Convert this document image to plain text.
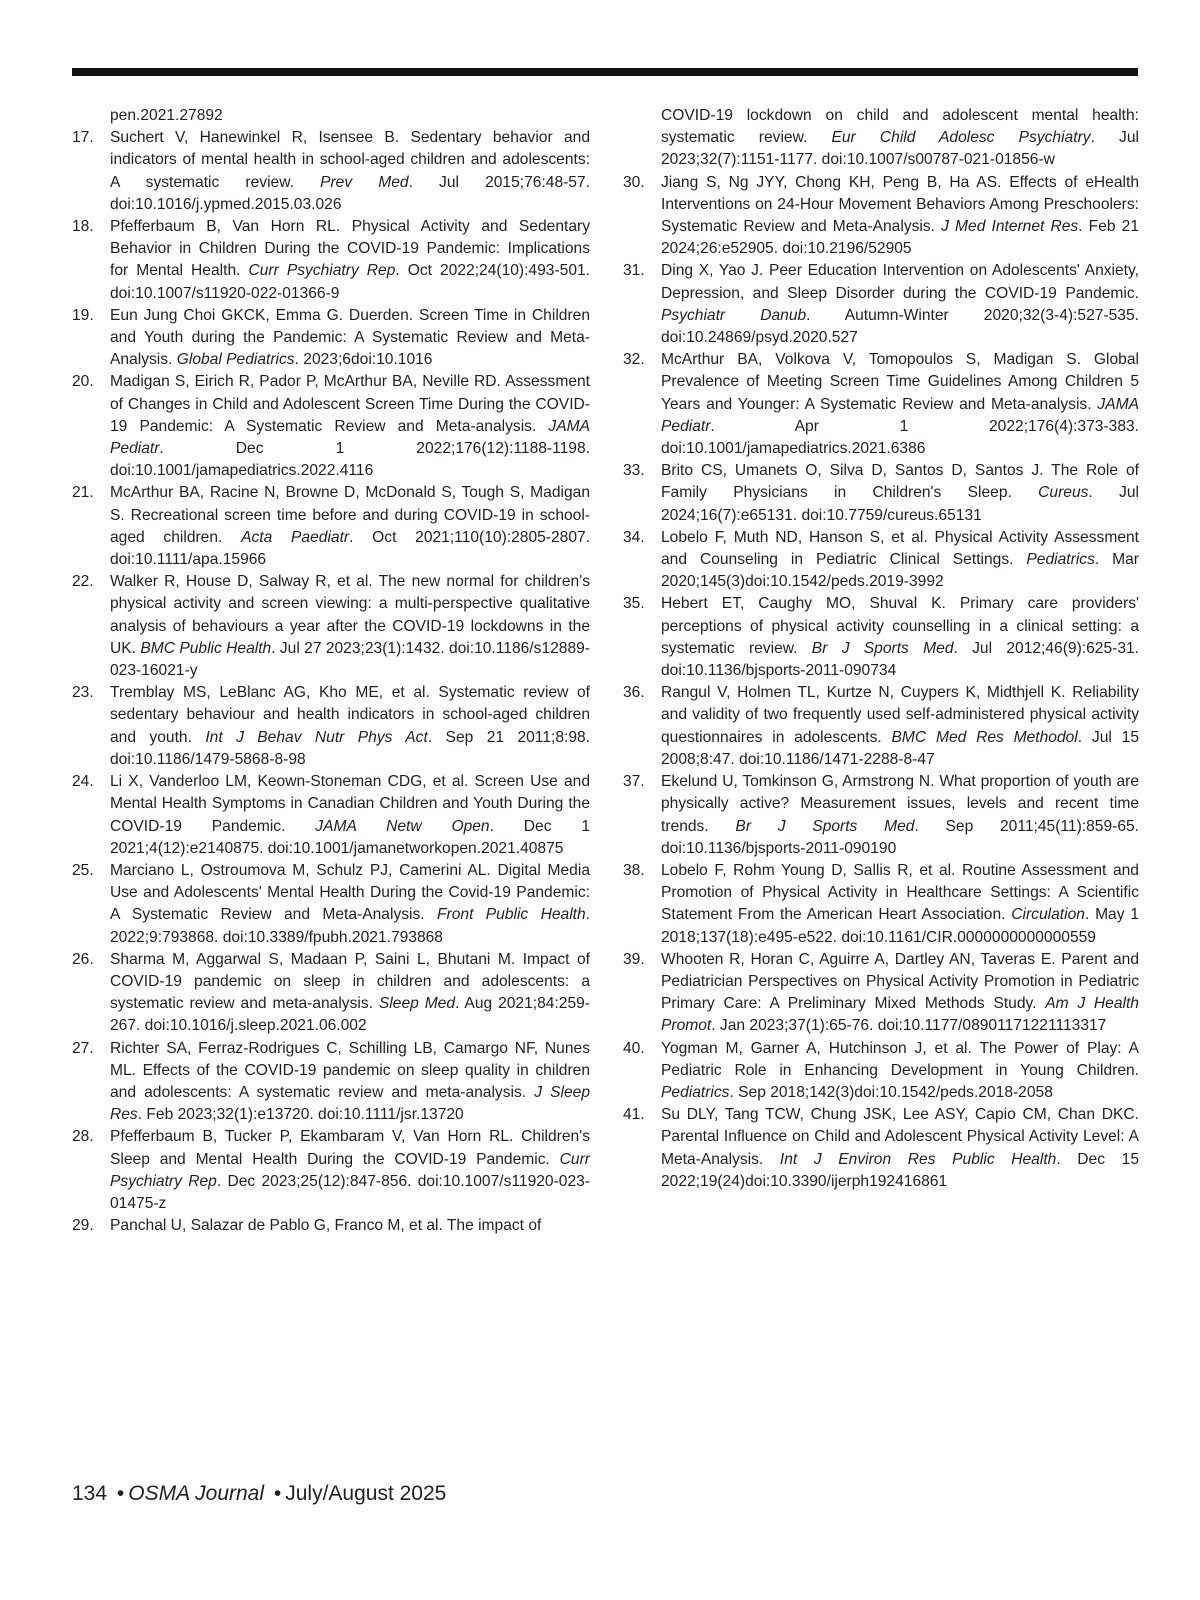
pen.2021.27892
17.	Suchert V, Hanewinkel R, Isensee B. Sedentary behavior and indicators of mental health in school-aged children and adolescents: A systematic review. Prev Med. Jul 2015;76:48-57. doi:10.1016/j.ypmed.2015.03.026
18.	Pfefferbaum B, Van Horn RL. Physical Activity and Sedentary Behavior in Children During the COVID-19 Pandemic: Implications for Mental Health. Curr Psychiatry Rep. Oct 2022;24(10):493-501. doi:10.1007/s11920-022-01366-9
19.	Eun Jung Choi GKCK, Emma G. Duerden. Screen Time in Children and Youth during the Pandemic: A Systematic Review and Meta-Analysis. Global Pediatrics. 2023;6doi:10.1016
20.	Madigan S, Eirich R, Pador P, McArthur BA, Neville RD. Assessment of Changes in Child and Adolescent Screen Time During the COVID-19 Pandemic: A Systematic Review and Meta-analysis. JAMA Pediatr. Dec 1 2022;176(12):1188-1198. doi:10.1001/jamapediatrics.2022.4116
21.	McArthur BA, Racine N, Browne D, McDonald S, Tough S, Madigan S. Recreational screen time before and during COVID-19 in school-aged children. Acta Paediatr. Oct 2021;110(10):2805-2807. doi:10.1111/apa.15966
22.	Walker R, House D, Salway R, et al. The new normal for children's physical activity and screen viewing: a multi-perspective qualitative analysis of behaviours a year after the COVID-19 lockdowns in the UK. BMC Public Health. Jul 27 2023;23(1):1432. doi:10.1186/s12889-023-16021-y
23.	Tremblay MS, LeBlanc AG, Kho ME, et al. Systematic review of sedentary behaviour and health indicators in school-aged children and youth. Int J Behav Nutr Phys Act. Sep 21 2011;8:98. doi:10.1186/1479-5868-8-98
24.	Li X, Vanderloo LM, Keown-Stoneman CDG, et al. Screen Use and Mental Health Symptoms in Canadian Children and Youth During the COVID-19 Pandemic. JAMA Netw Open. Dec 1 2021;4(12):e2140875. doi:10.1001/jamanetworkopen.2021.40875
25.	Marciano L, Ostroumova M, Schulz PJ, Camerini AL. Digital Media Use and Adolescents' Mental Health During the Covid-19 Pandemic: A Systematic Review and Meta-Analysis. Front Public Health. 2022;9:793868. doi:10.3389/fpubh.2021.793868
26.	Sharma M, Aggarwal S, Madaan P, Saini L, Bhutani M. Impact of COVID-19 pandemic on sleep in children and adolescents: a systematic review and meta-analysis. Sleep Med. Aug 2021;84:259-267. doi:10.1016/j.sleep.2021.06.002
27.	Richter SA, Ferraz-Rodrigues C, Schilling LB, Camargo NF, Nunes ML. Effects of the COVID-19 pandemic on sleep quality in children and adolescents: A systematic review and meta-analysis. J Sleep Res. Feb 2023;32(1):e13720. doi:10.1111/jsr.13720
28.	Pfefferbaum B, Tucker P, Ekambaram V, Van Horn RL. Children's Sleep and Mental Health During the COVID-19 Pandemic. Curr Psychiatry Rep. Dec 2023;25(12):847-856. doi:10.1007/s11920-023-01475-z
29.	Panchal U, Salazar de Pablo G, Franco M, et al. The impact of
COVID-19 lockdown on child and adolescent mental health: systematic review. Eur Child Adolesc Psychiatry. Jul 2023;32(7):1151-1177. doi:10.1007/s00787-021-01856-w
30.	Jiang S, Ng JYY, Chong KH, Peng B, Ha AS. Effects of eHealth Interventions on 24-Hour Movement Behaviors Among Preschoolers: Systematic Review and Meta-Analysis. J Med Internet Res. Feb 21 2024;26:e52905. doi:10.2196/52905
31.	Ding X, Yao J. Peer Education Intervention on Adolescents' Anxiety, Depression, and Sleep Disorder during the COVID-19 Pandemic. Psychiatr Danub. Autumn-Winter 2020;32(3-4):527-535. doi:10.24869/psyd.2020.527
32.	McArthur BA, Volkova V, Tomopoulos S, Madigan S. Global Prevalence of Meeting Screen Time Guidelines Among Children 5 Years and Younger: A Systematic Review and Meta-analysis. JAMA Pediatr. Apr 1 2022;176(4):373-383. doi:10.1001/jamapediatrics.2021.6386
33.	Brito CS, Umanets O, Silva D, Santos D, Santos J. The Role of Family Physicians in Children's Sleep. Cureus. Jul 2024;16(7):e65131. doi:10.7759/cureus.65131
34.	Lobelo F, Muth ND, Hanson S, et al. Physical Activity Assessment and Counseling in Pediatric Clinical Settings. Pediatrics. Mar 2020;145(3)doi:10.1542/peds.2019-3992
35.	Hebert ET, Caughy MO, Shuval K. Primary care providers' perceptions of physical activity counselling in a clinical setting: a systematic review. Br J Sports Med. Jul 2012;46(9):625-31. doi:10.1136/bjsports-2011-090734
36.	Rangul V, Holmen TL, Kurtze N, Cuypers K, Midthjell K. Reliability and validity of two frequently used self-administered physical activity questionnaires in adolescents. BMC Med Res Methodol. Jul 15 2008;8:47. doi:10.1186/1471-2288-8-47
37.	Ekelund U, Tomkinson G, Armstrong N. What proportion of youth are physically active? Measurement issues, levels and recent time trends. Br J Sports Med. Sep 2011;45(11):859-65. doi:10.1136/bjsports-2011-090190
38.	Lobelo F, Rohm Young D, Sallis R, et al. Routine Assessment and Promotion of Physical Activity in Healthcare Settings: A Scientific Statement From the American Heart Association. Circulation. May 1 2018;137(18):e495-e522. doi:10.1161/CIR.0000000000000559
39.	Whooten R, Horan C, Aguirre A, Dartley AN, Taveras E. Parent and Pediatrician Perspectives on Physical Activity Promotion in Pediatric Primary Care: A Preliminary Mixed Methods Study. Am J Health Promot. Jan 2023;37(1):65-76. doi:10.1177/08901171221113317
40.	Yogman M, Garner A, Hutchinson J, et al. The Power of Play: A Pediatric Role in Enhancing Development in Young Children. Pediatrics. Sep 2018;142(3)doi:10.1542/peds.2018-2058
41.	Su DLY, Tang TCW, Chung JSK, Lee ASY, Capio CM, Chan DKC. Parental Influence on Child and Adolescent Physical Activity Level: A Meta-Analysis. Int J Environ Res Public Health. Dec 15 2022;19(24)doi:10.3390/ijerph192416861
134 • OSMA Journal • July/August 2025
